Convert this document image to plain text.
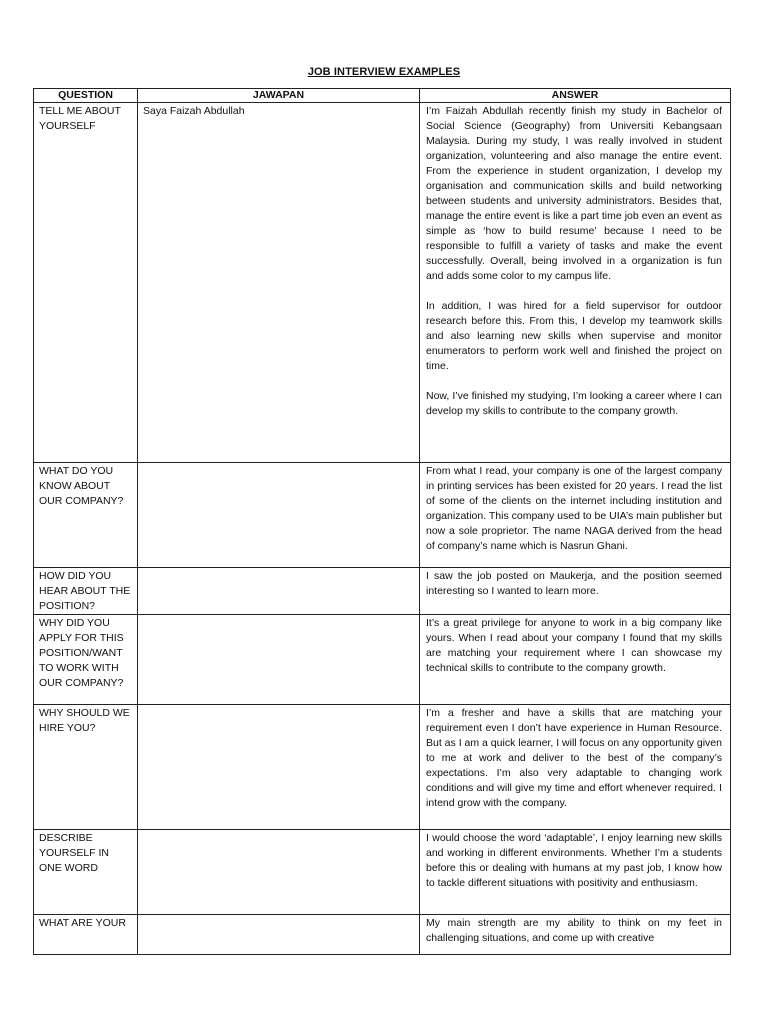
JOB INTERVIEW EXAMPLES
QUESTION	JAWAPAN	ANSWER
TELL ME ABOUT YOURSELF	Saya Faizah Abdullah	I’m Faizah Abdullah recently finish my study in Bachelor of Social Science (Geography) from Universiti Kebangsaan Malaysia. During my study, I was really involved in student organization, volunteering and also manage the entire event. From the experience in student organization, I develop my organisation and communication skills and build networking between students and university administrators. Besides that, manage the entire event is like a part time job even an event as simple as ‘how to build resume’ because I need to be responsible to fulfill a variety of tasks and make the event successfully. Overall, being involved in a organization is fun and adds some color to my campus life.

In addition, I was hired for a field supervisor for outdoor research before this. From this, I develop my teamwork skills and also learning new skills when supervise and monitor enumerators to perform work well and finished the project on time.

Now, I’ve finished my studying, I’m looking a career where I can develop my skills to contribute to the company growth.

WHAT DO YOU KNOW ABOUT OUR COMPANY?		From what I read, your company is one of the largest company in printing services has been existed for 20 years. I read the list of some of the clients on the internet including institution and organization. This company used to be UIA’s main publisher but now a sole proprietor. The name NAGA derived from the head of company’s name which is Nasrun Ghani.

HOW DID YOU HEAR ABOUT THE POSITION?		I saw the job posted on Maukerja, and the position seemed interesting so I wanted to learn more.

WHY DID YOU APPLY FOR THIS POSITION/WANT TO WORK WITH OUR COMPANY?		It’s a great privilege for anyone to work in a big company like yours. When I read about your company I found that my skills are matching your requirement where I can showcase my technical skills to contribute to the company growth.

WHY SHOULD WE HIRE YOU?		I’m a fresher and have a skills that are matching your requirement even I don’t have experience in Human Resource. But as I am a quick learner, I will focus on any opportunity given to me at work and deliver to the best of the company’s expectations. I’m also very adaptable to changing work conditions and will give my time and effort whenever required. I intend grow with the company.

DESCRIBE YOURSELF IN ONE WORD		I would choose the word ‘adaptable’, I enjoy learning new skills and working in different environments. Whether I’m a students before this or dealing with humans at my past job, I know how to tackle different situations with positivity and enthusiasm.

WHAT ARE YOUR		My main strength are my ability to think on my feet in challenging situations, and come up with creative
